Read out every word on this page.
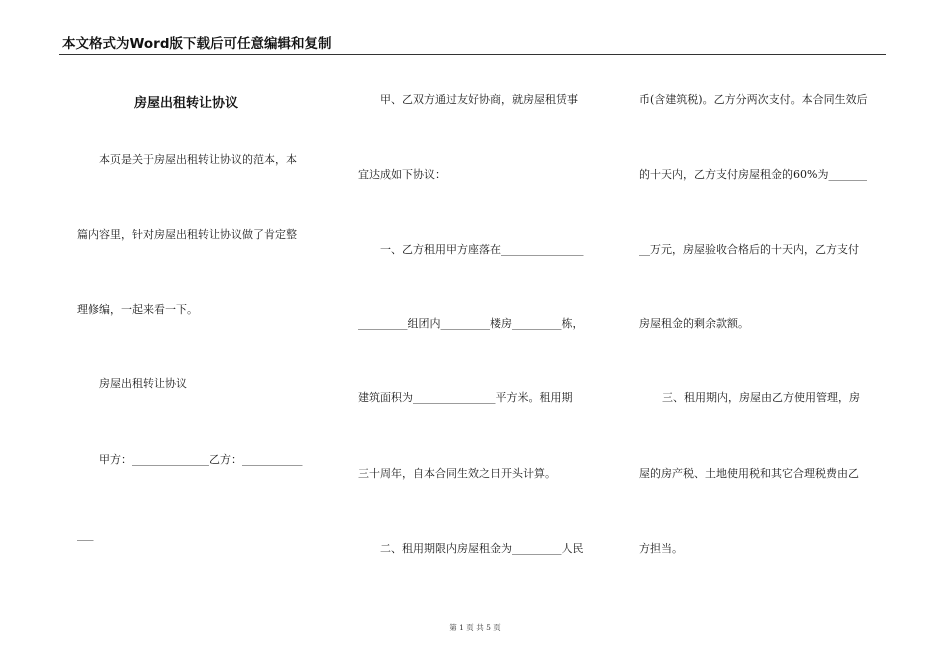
本文格式为Word版下载后可任意编辑和复制
房屋出租转让协议
本页是关于房屋出租转让协议的范本，本
篇内容里，针对房屋出租转让协议做了肯定整
理修编，一起来看一下。
房屋出租转让协议
甲方：______________乙方：___________
___
甲、乙双方通过友好协商，就房屋租赁事
宜达成如下协议：
一、乙方租用甲方座落在_______________
_________组团内_________楼房_________栋，
建筑面积为_______________平方米。租用期
三十周年，自本合同生效之日开头计算。
二、租用期限内房屋租金为_________人民
币(含建筑税)。乙方分两次支付。本合同生效后
的十天内，乙方支付房屋租金的60%为_______
__万元，房屋验收合格后的十天内，乙方支付
房屋租金的剩余款额。
三、租用期内，房屋由乙方使用管理，房
屋的房产税、土地使用税和其它合理税费由乙
方担当。
第 1 页 共 5 页
